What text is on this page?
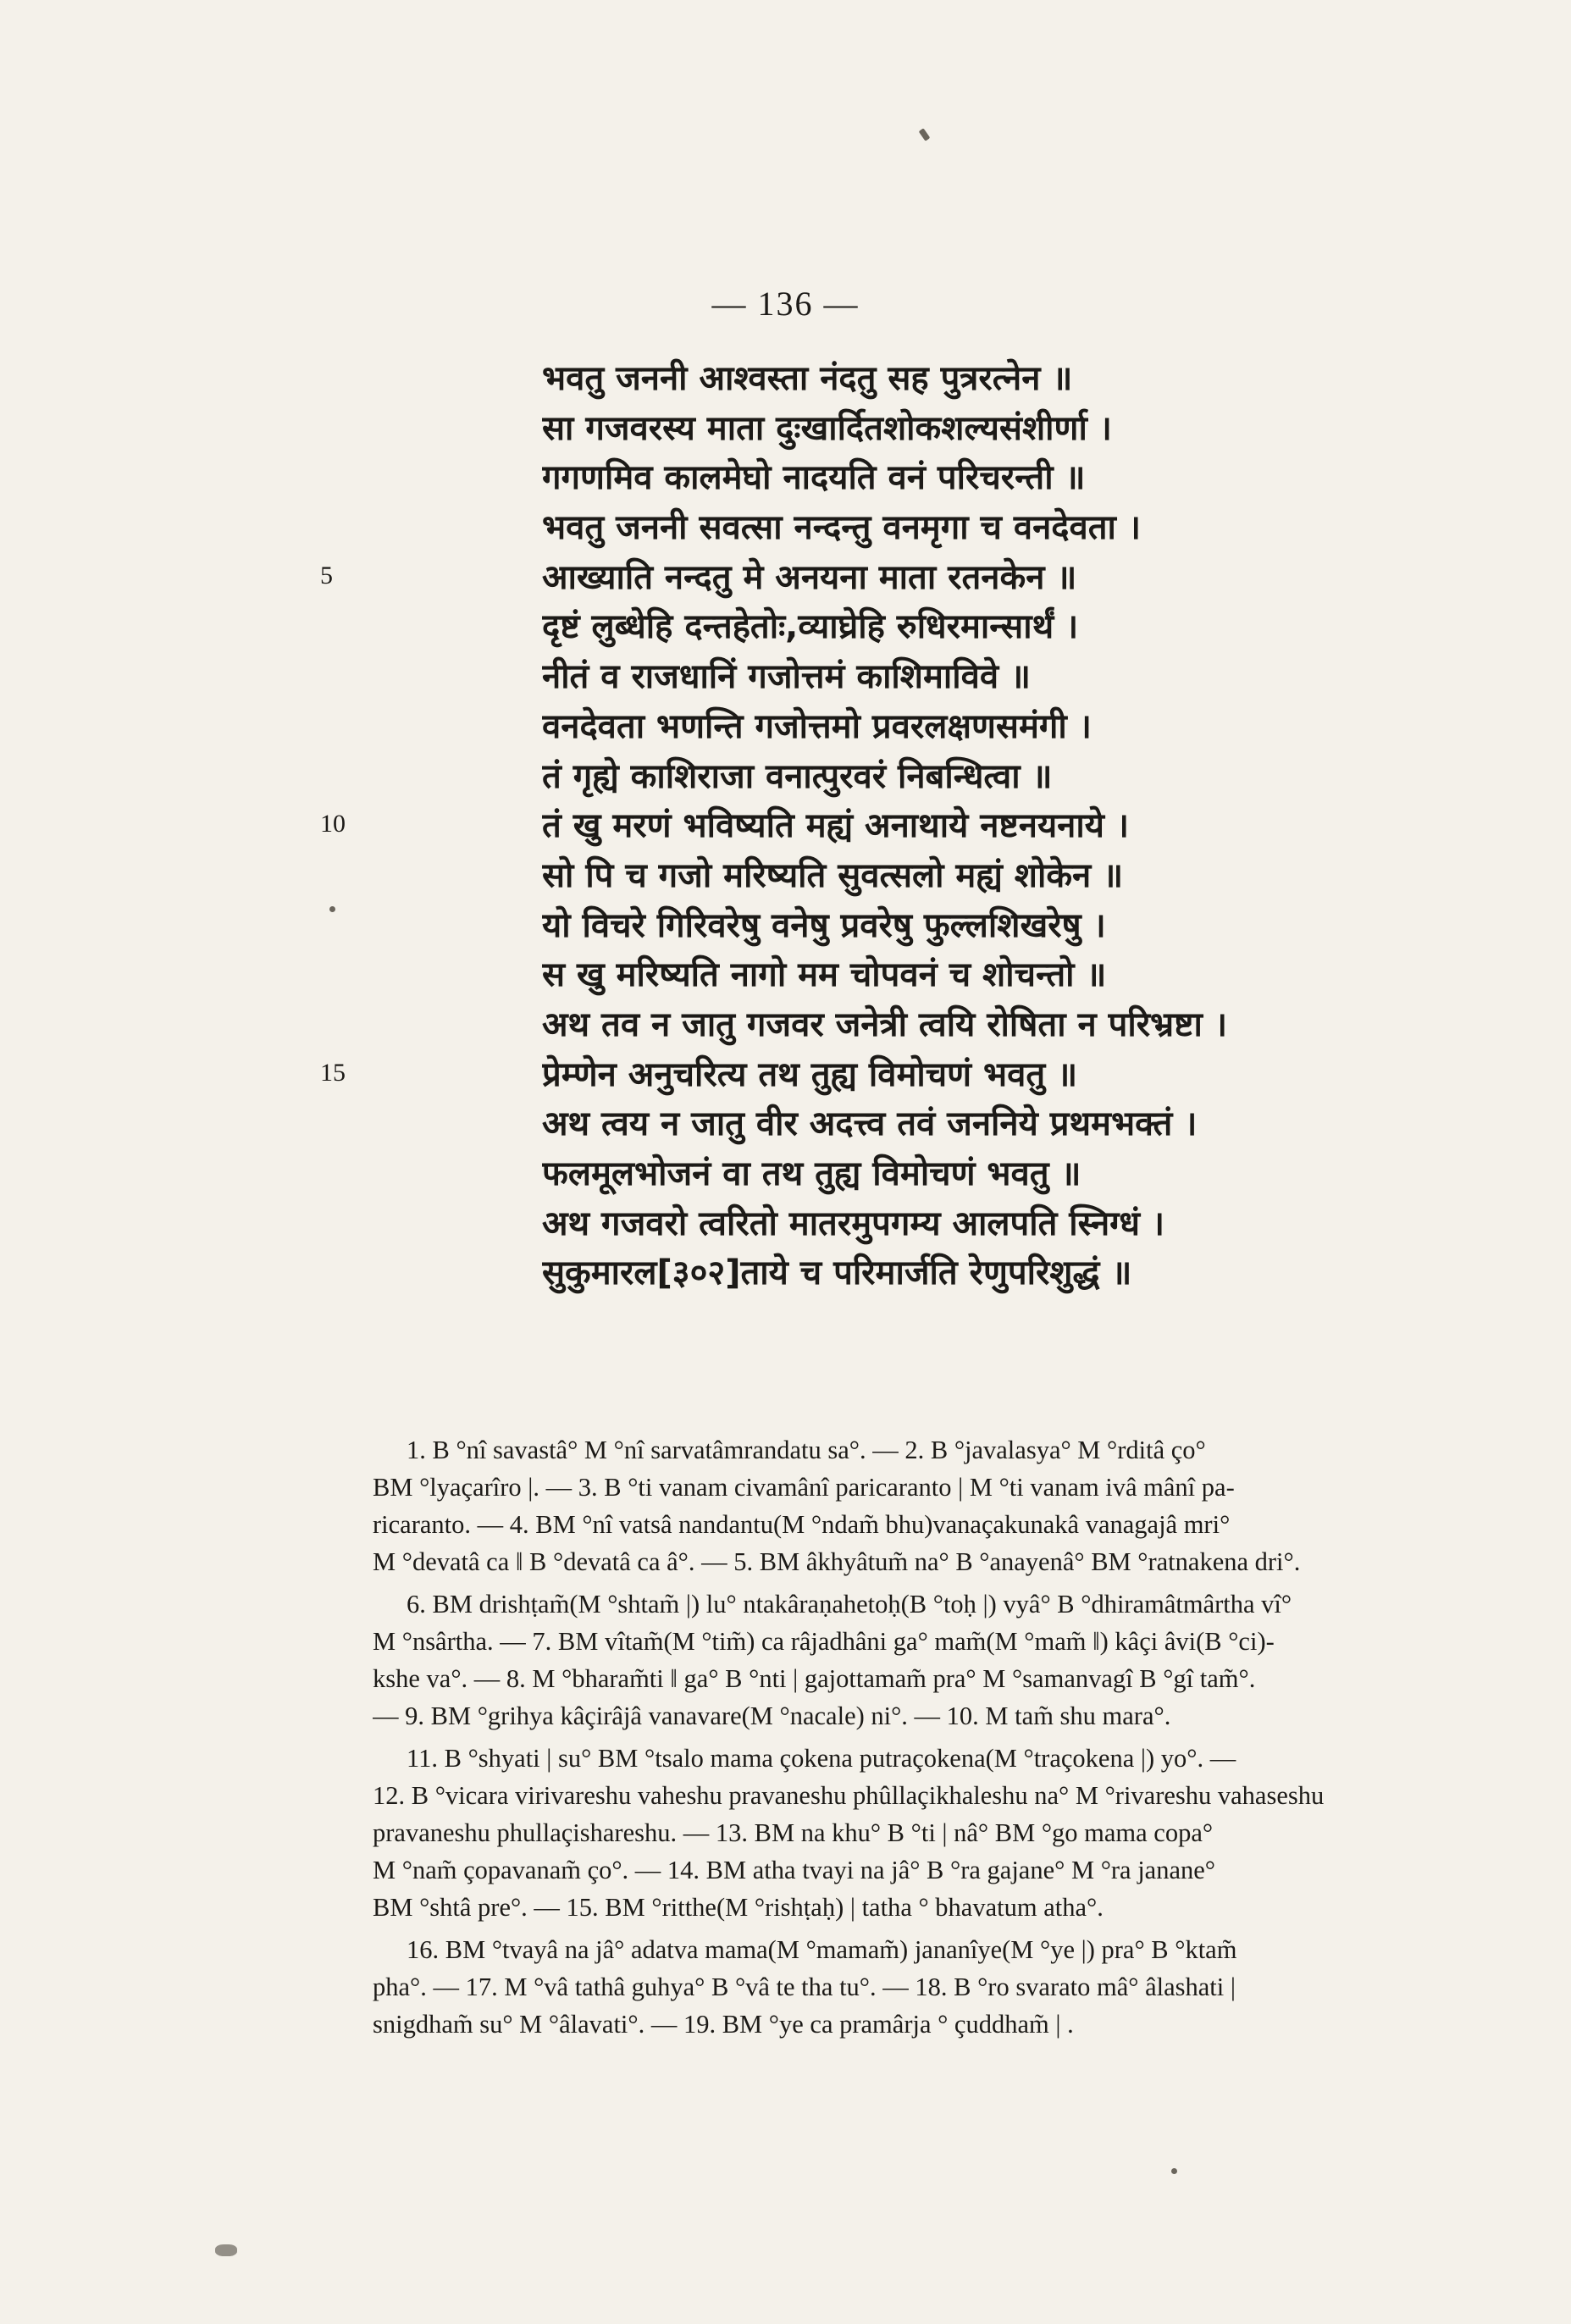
— 136 —
भवतु जननी आश्वस्ता नंदतु सह पुत्ररत्नेन ॥
सा गजवरस्य माता दुःखार्दितशोकशल्यसंशीर्णा ।
गगणमिव कालमेघो नादयति वनं परिचरन्ती ॥
भवतु जननी सवत्सा नन्दन्तु वनमृगा च वनदेवता ।
आख्याति नन्दतु मे अनयना माता रतनकेन ॥
दृष्टं लुब्धेहि दन्तहेतोः,व्याघ्रेहि रुधिरमान्सार्थं ।
नीतं व राजधानिं गजोत्तमं काशिमाविवे ॥
वनदेवता भणन्ति गजोत्तमो प्रवरलक्षणसमंगी ।
तं गृह्ये काशिराजा वनात्पुरवरं निबन्धित्वा ॥
तं खु मरणं भविष्यति मह्यं अनाथाये नष्टनयनाये ।
सो पि च गजो मरिष्यति सुवत्सलो मह्यं शोकेन ॥
यो विचरे गिरिवरेषु वनेषु प्रवरेषु फुल्लशिखरेषु ।
स खु मरिष्यति नागो मम चोपवनं च शोचन्तो ॥
अथ तव न जातु गजवर जनेत्री त्वयि रोषिता न परिभ्रष्टा ।
प्रेम्णेन अनुचरित्य तथ तुह्य विमोचणं भवतु ॥
अथ त्वय न जातु वीर अदत्त्व तवं जननिये प्रथमभक्तं ।
फलमूलभोजनं वा तथ तुह्य विमोचणं भवतु ॥
अथ गजवरो त्वरितो मातरमुपगम्य आलपति स्निग्धं ।
सुकुमारल[३०२]ताये च परिमार्जति रेणुपरिशुद्धं ॥
5
10
15
1. B °nî savastâ° M °nî sarvatâmrandatu sa°. — 2. B °javalasya° M °rditâ ço°
BM °lyaçarîro |. — 3. B °ti vanam civamânî paricaranto | M °ti vanam ivâ mânî pa-
ricaranto. — 4. BM °nî vatsâ nandantu(M °ndam̃ bhu)vanaçakunakâ vanagajâ mri°
M °devatâ ca ‖ B °devatâ ca â°. — 5. BM âkhyâtum̃ na° B °anayenâ° BM °ratnakena dri°.
6. BM drishṭam̃(M °shtam̃ |) lu° ntakâraṇahetoḥ(B °toḥ |) vyâ° B °dhiramâtmârtha vî°
M °nsârtha. — 7. BM vîtam̃(M °tim̃) ca râjadhâni ga° mam̃(M °mam̃ ‖) kâçi âvi(B °ci)-
kshe va°. — 8. M °bharam̃ti ‖ ga° B °nti | gajottamam̃ pra° M °samanvagî B °gî tam̃°.
— 9. BM °grihya kâçirâjâ vanavare(M °nacale) ni°. — 10. M tam̃ shu mara°.
11. B °shyati | su° BM °tsalo mama çokena putraçokena(M °traçokena |) yo°. —
12. B °vicara virivareshu vaheshu pravaneshu phûllaçikhaleshu na° M °rivareshu vahaseshu
pravaneshu phullaçishareshu. — 13. BM na khu° B °ti | nâ° BM °go mama copa°
M °nam̃ çopavanam̃ ço°. — 14. BM atha tvayi na jâ° B °ra gajane° M °ra janane°
BM °shtâ pre°. — 15. BM °ritthe(M °rishṭaḥ) | tatha ° bhavatum atha°.
16. BM °tvayâ na jâ° adatva mama(M °mamam̃) jananîye(M °ye |) pra° B °ktam̃
pha°. — 17. M °vâ tathâ guhya° B °vâ te tha tu°. — 18. B °ro svarato mâ° âlashati |
snigdham̃ su° M °âlavati°. — 19. BM °ye ca pramârja ° çuddham̃ | .
